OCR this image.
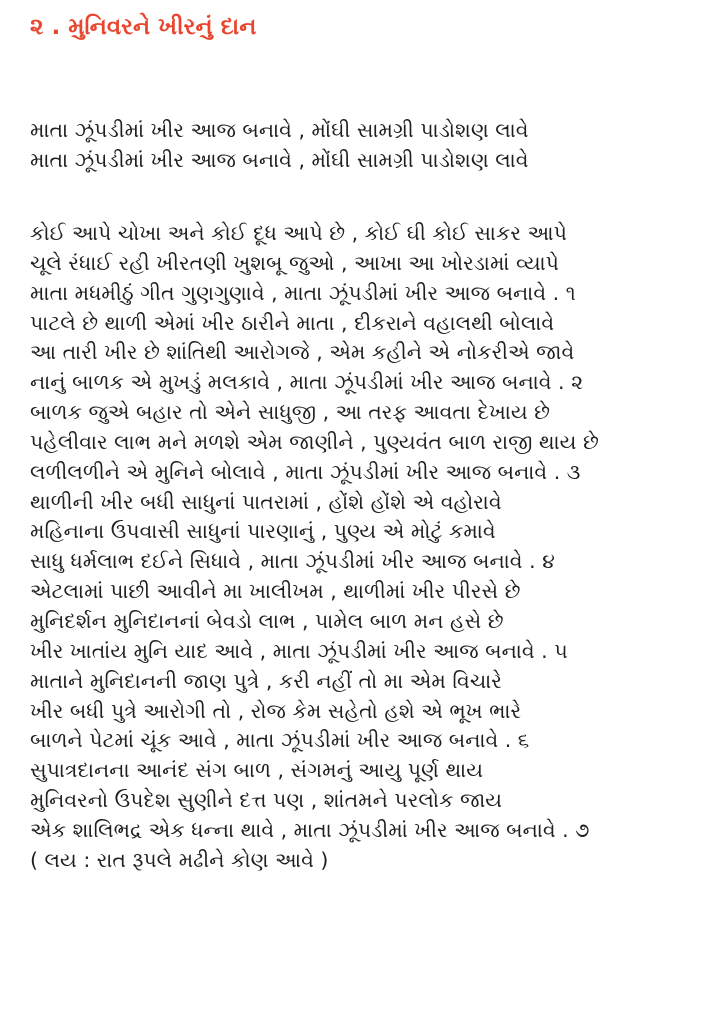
૨ . મુનિવરને ખીરનું દાન
માતા ઝૂંપડીમાં ખીર આજ બનાવે , મોંઘી સામગ્રી પાડોશણ લાવે
માતા ઝૂંપડીમાં ખીર આજ બનાવે , મોંઘી સામગ્રી પાડોશણ લાવે
કોઈ આપે ચોખા અને કોઈ દૂધ આપે છે , કોઈ ઘી કોઈ સાકર આપે
ચૂલે રંધાઈ રહી ખીરતણી ખુશબૂ જુઓ , આખા આ ખોરડામાં વ્યાપે
માતા મધમીઠું ગીત ગુણગુણાવે , માતા ઝૂંપડીમાં ખીર આજ બનાવે . ૧
પાટલે છે થાળી એમાં ખીર ઠારીને માતા , દીકરાને વહાલથી બોલાવે
આ તારી ખીર છે શાંતિથી આરોગજે , એમ કહીને એ નોકરીએ જાવે
નાનું બાળક એ મુખડું મલકાવે , માતા ઝૂંપડીમાં ખીર આજ બનાવે . ૨
બાળક જુએ બહાર તો એને સાધુજી , આ તરફ આવતા દેખાય છે
પહેલીવાર લાભ મને મળશે એમ જાણીને , પુણ્યવંત બાળ રાજી થાય છે
લળીલળીને એ મુનિને બોલાવે , માતા ઝૂંપડીમાં ખીર આજ બનાવે . ૩
થાળીની ખીર બધી સાધુનાં પાતરામાં , હોંશે હોંશે એ વહોરાવે
મહિનાના ઉપવાસી સાધુનાં પારણાનું , પુણ્ય એ મોટું કમાવે
સાધુ ધર્મલાભ દઈને સિધાવે , માતા ઝૂંપડીમાં ખીર આજ બનાવે . ૪
એટલામાં પાછી આવીને મા ખાલીખમ , થાળીમાં ખીર પીરસે છે
મુનિદર્શન મુનિદાનનાં બેવડો લાભ , પામેલ બાળ મન હસે છે
ખીર ખાતાંય મુનિ યાદ આવે , માતા ઝૂંપડીમાં ખીર આજ બનાવે . ૫
માતાને મુનિદાનની જાણ પુત્રે , કરી નહીં તો મા એમ વિચારે
ખીર બધી પુત્રે આરોગી તો , રોજ કેમ સહેતો હશે એ ભૂખ ભારે
બાળને પેટમાં ચૂંક આવે , માતા ઝૂંપડીમાં ખીર આજ બનાવે . ૬
સુપાત્રદાનના આનંદ સંગ બાળ , સંગમનું આયુ પૂર્ણ થાય
મુનિવરનો ઉપદેશ સુણીને દત્ત પણ , શાંતમને પરલોક જાય
એક શાલિભદ્ર એક ધન્ના થાવે , માતા ઝૂંપડીમાં ખીર આજ બનાવે . ૭
( લય : રાત રૂપલે મઢીને કોણ આવે )
